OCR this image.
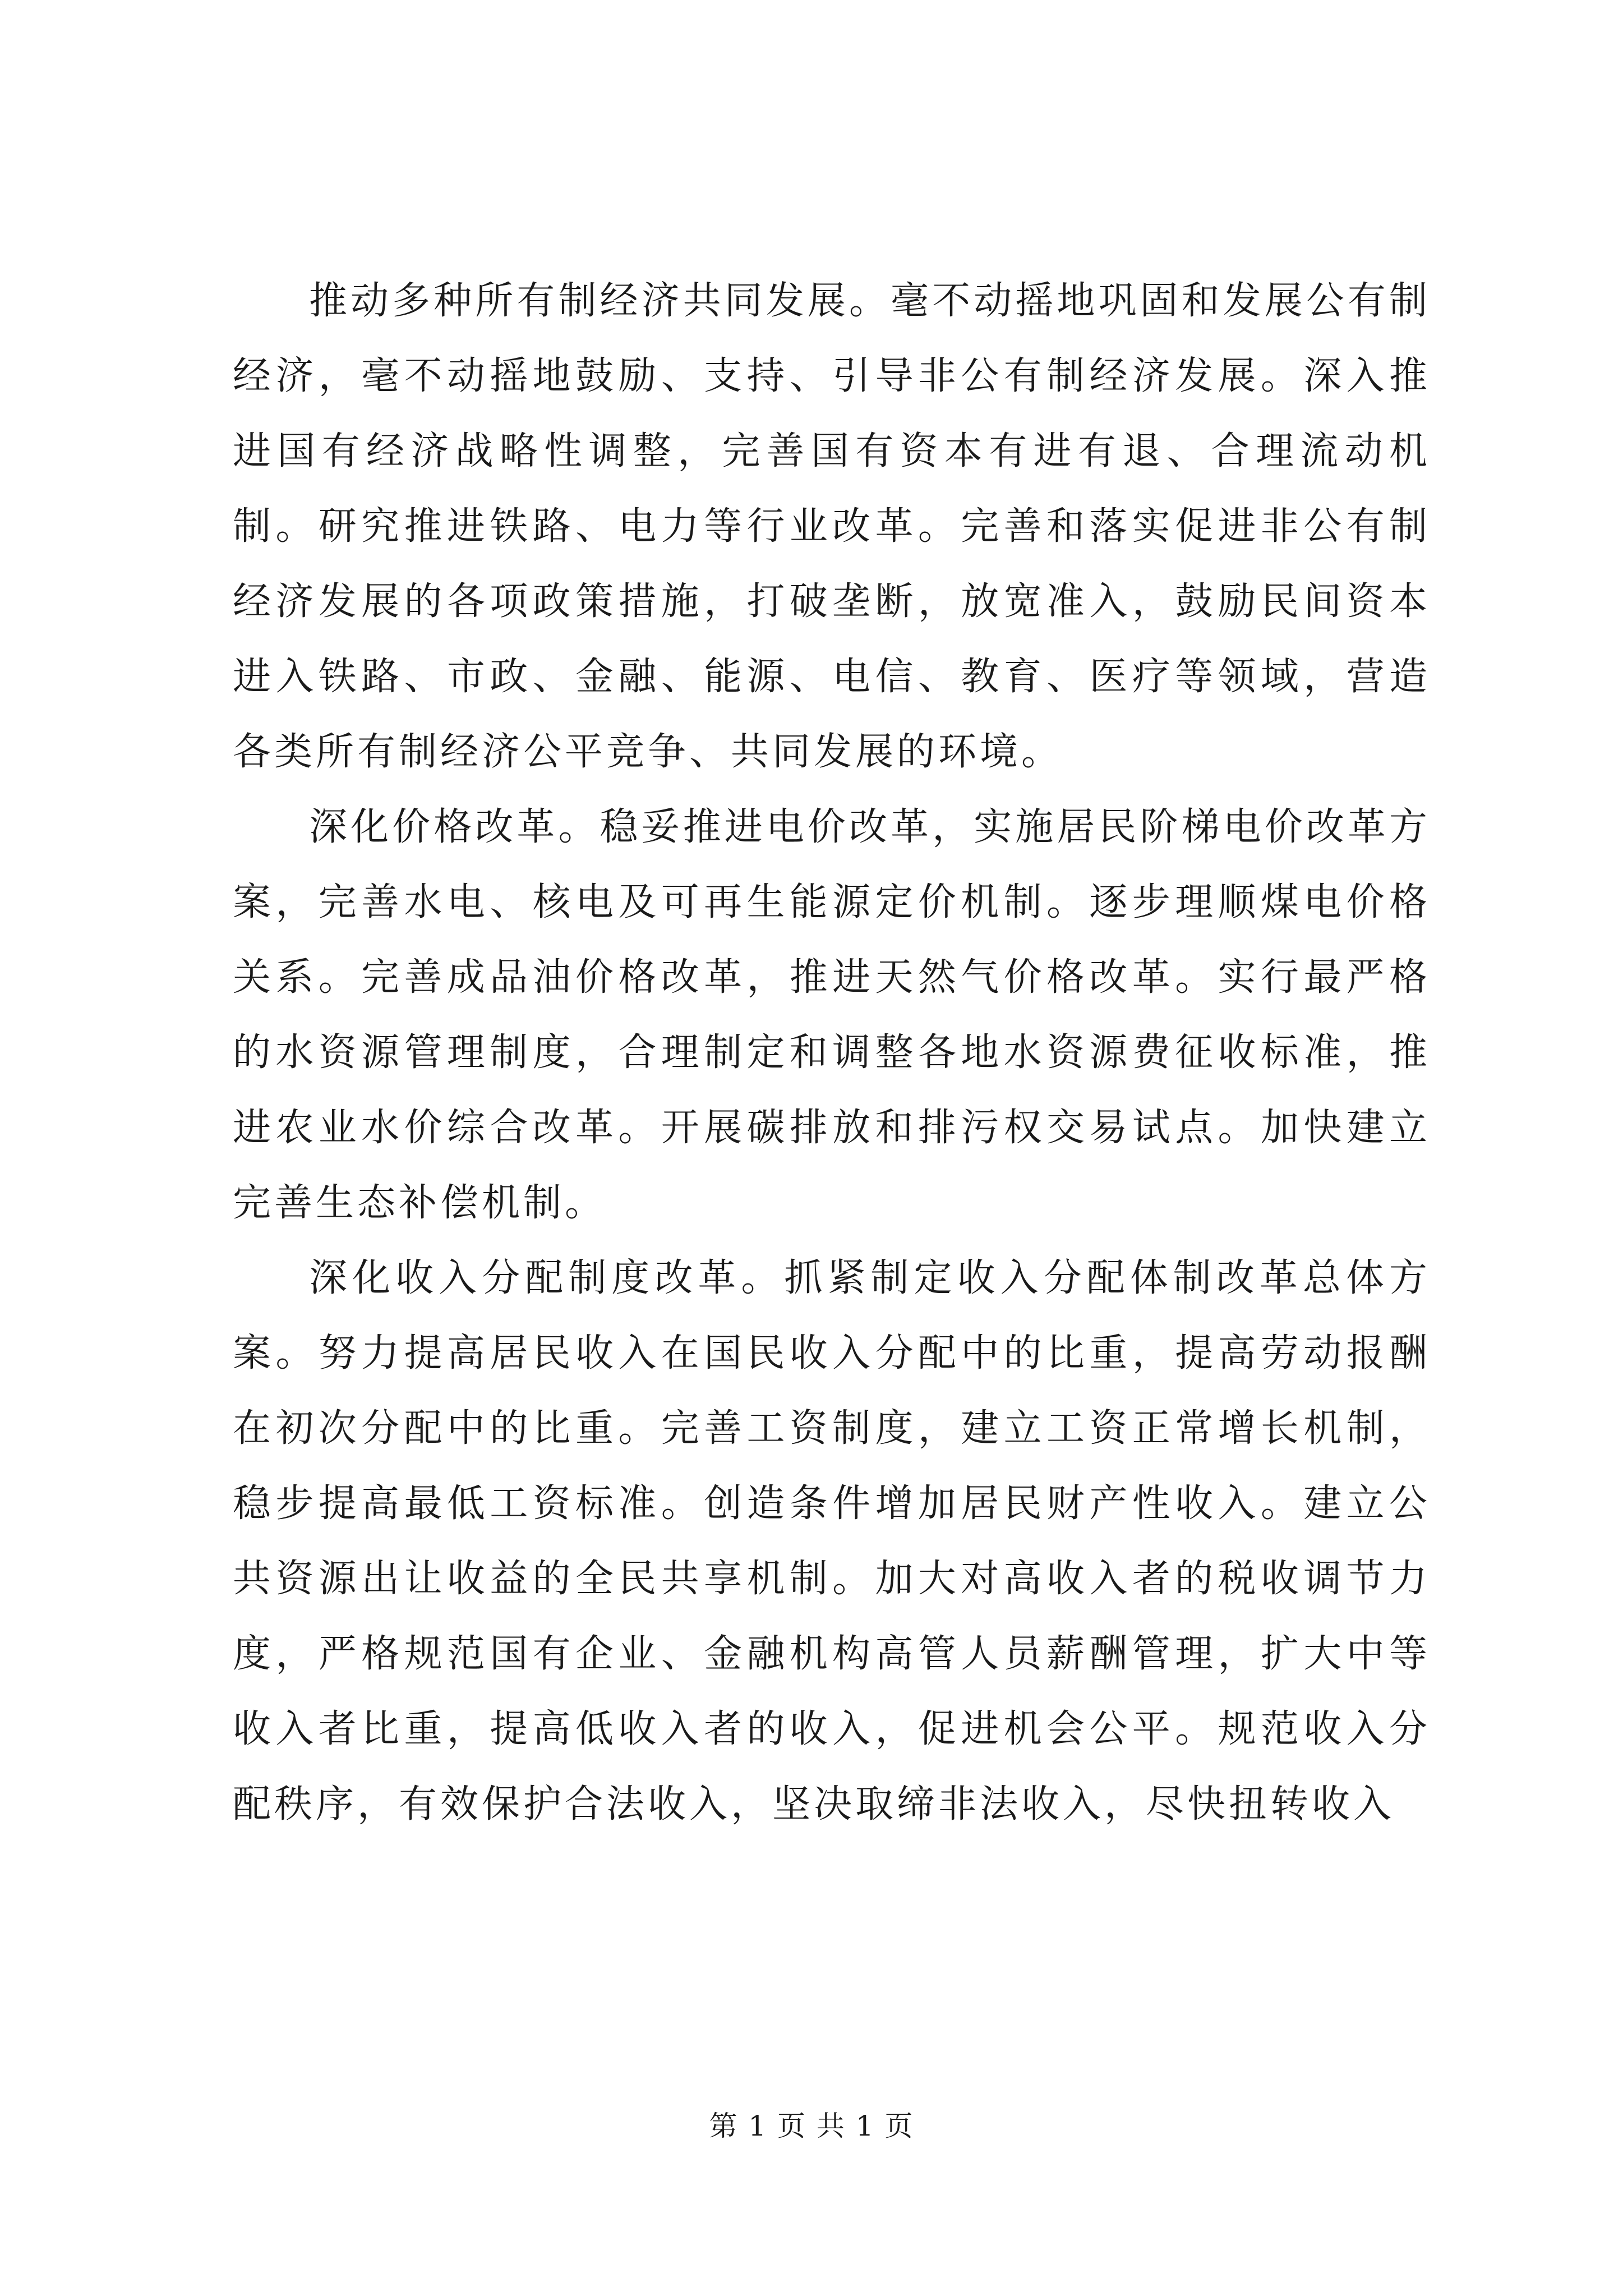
推动多种所有制经济共同发展。毫不动摇地巩固和发展公有制经济，毫不动摇地鼓励、支持、引导非公有制经济发展。深入推进国有经济战略性调整，完善国有资本有进有退、合理流动机制。研究推进铁路、电力等行业改革。完善和落实促进非公有制经济发展的各项政策措施，打破垄断，放宽准入，鼓励民间资本进入铁路、市政、金融、能源、电信、教育、医疗等领域，营造各类所有制经济公平竞争、共同发展的环境。

深化价格改革。稳妥推进电价改革，实施居民阶梯电价改革方案，完善水电、核电及可再生能源定价机制。逐步理顺煤电价格关系。完善成品油价格改革，推进天然气价格改革。实行最严格的水资源管理制度，合理制定和调整各地水资源费征收标准，推进农业水价综合改革。开展碳排放和排污权交易试点。加快建立完善生态补偿机制。

深化收入分配制度改革。抓紧制定收入分配体制改革总体方案。努力提高居民收入在国民收入分配中的比重，提高劳动报酬在初次分配中的比重。完善工资制度，建立工资正常增长机制，稳步提高最低工资标准。创造条件增加居民财产性收入。建立公共资源出让收益的全民共享机制。加大对高收入者的税收调节力度，严格规范国有企业、金融机构高管人员薪酬管理，扩大中等收入者比重，提高低收入者的收入，促进机会公平。规范收入分配秩序，有效保护合法收入，坚决取缔非法收入，尽快扭转收入

第 1 页 共 1 页
